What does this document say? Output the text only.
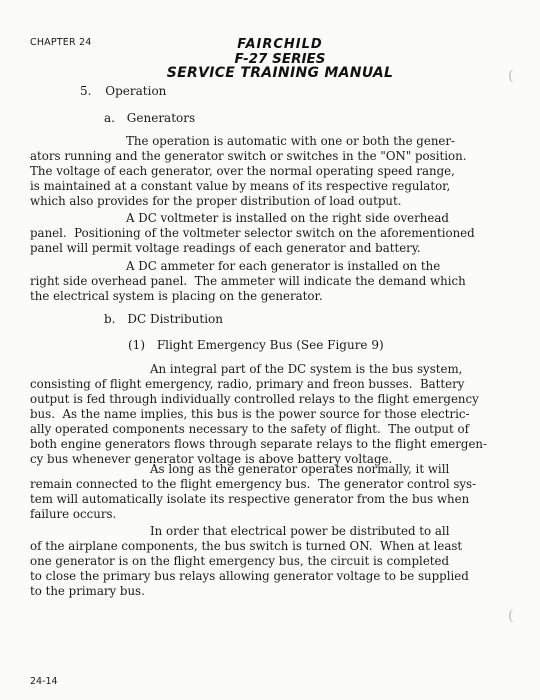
CHAPTER 24	FAIRCHILD
F-27 SERIES
SERVICE TRAINING MANUAL
5. Operation
a. Generators
The operation is automatic with one or both the gener-
ators running and the generator switch or switches in the "ON" position.
The voltage of each generator, over the normal operating speed range,
is maintained at a constant value by means of its respective regulator,
which also provides for the proper distribution of load output.
A DC voltmeter is installed on the right side overhead
panel.  Positioning of the voltmeter selector switch on the aforementioned
panel will permit voltage readings of each generator and battery.
A DC ammeter for each generator is installed on the
right side overhead panel.  The ammeter will indicate the demand which
the electrical system is placing on the generator.
b. DC Distribution
(1) Flight Emergency Bus (See Figure 9)
An integral part of the DC system is the bus system,
consisting of flight emergency, radio, primary and freon busses.  Battery
output is fed through individually controlled relays to the flight emergency
bus.  As the name implies, this bus is the power source for those electric-
ally operated components necessary to the safety of flight.  The output of
both engine generators flows through separate relays to the flight emergen-
cy bus whenever generator voltage is above battery voltage.
As long as the generator operates normally, it will
remain connected to the flight emergency bus.  The generator control sys-
tem will automatically isolate its respective generator from the bus when
failure occurs.
In order that electrical power be distributed to all
of the airplane components, the bus switch is turned ON.  When at least
one generator is on the flight emergency bus, the circuit is completed
to close the primary bus relays allowing generator voltage to be supplied
to the primary bus.
24-14
(
(
